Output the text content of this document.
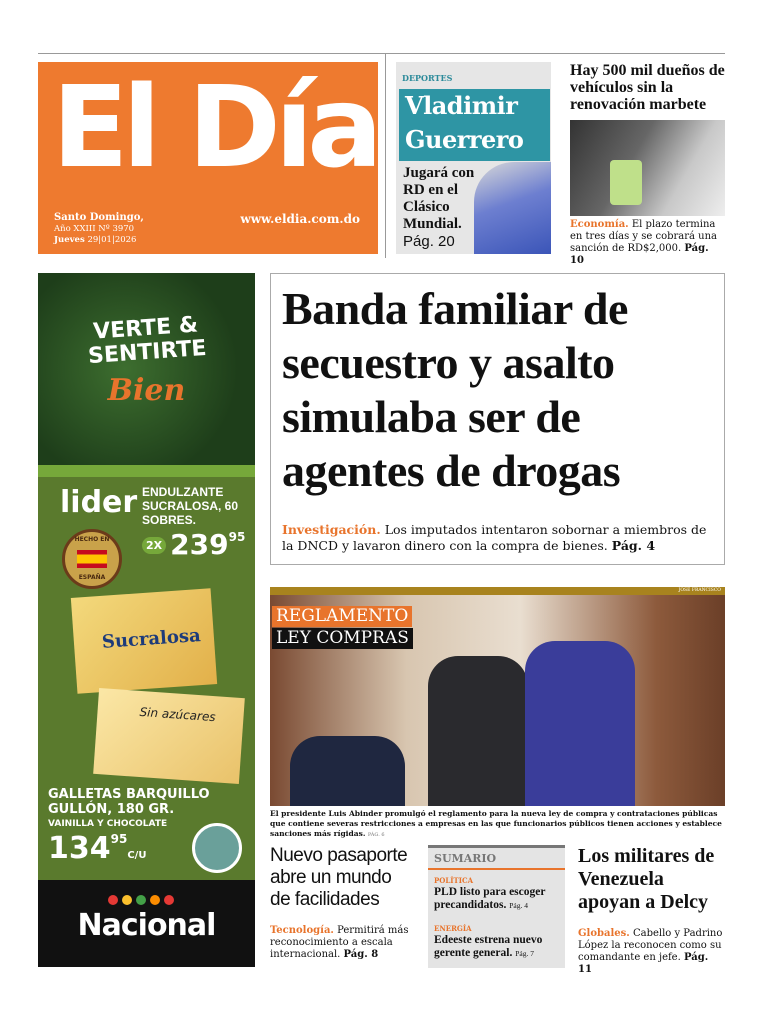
El Día
Santo Domingo,
Año XXIII Nº 3970
Jueves 29|01|2026
www.eldia.com.do
DEPORTES
Vladimir Guerrero
Jugará con RD en el Clásico Mundial.
Pág. 20
Hay 500 mil dueños de vehículos sin la renovación marbete

Economía. El plazo termina en tres días y se cobrará una sanción de RD$2,000. Pág. 10

VERTE & SENTIRTE
Bien
lider ENDULZANTE SUCRALOSA, 60 SOBRES.
2X $239^{95}$
HECHO EN
ESPAÑA
Sucralosa
Sin azúcares
GALLETAS BARQUILLO GULLÓN, 180 GR.
VAINILLA Y CHOCOLATE
$134^{95}C/U$
Nacional
Banda familiar de secuestro y asalto simulaba ser de agentes de drogas

Investigación. Los imputados intentaron sobornar a miembros de la DNCD y lavaron dinero con la compra de bienes. Pág. 4

JOSE FRANCISCO
REGLAMENTO
LEY COMPRAS
El presidente Luis Abinder promulgó el reglamento para la nueva ley de compra y contrataciones públicas que contiene severas restricciones a empresas en las que funcionarios públicos tienen acciones y establece sanciones más rígidas. PÁG. 6
Nuevo pasaporte abre un mundo de facilidades

Tecnología. Permitirá más reconocimiento a escala internacional. Pág. 8

SUMARIO
POLÍTICA
PLD listo para escoger precandidatos. Pág. 4
ENERGÍA
Edeeste estrena nuevo gerente general. Pág. 7
Los militares de Venezuela apoyan a Delcy

Globales. Cabello y Padrino López la reconocen como su comandante en jefe. Pág. 11
